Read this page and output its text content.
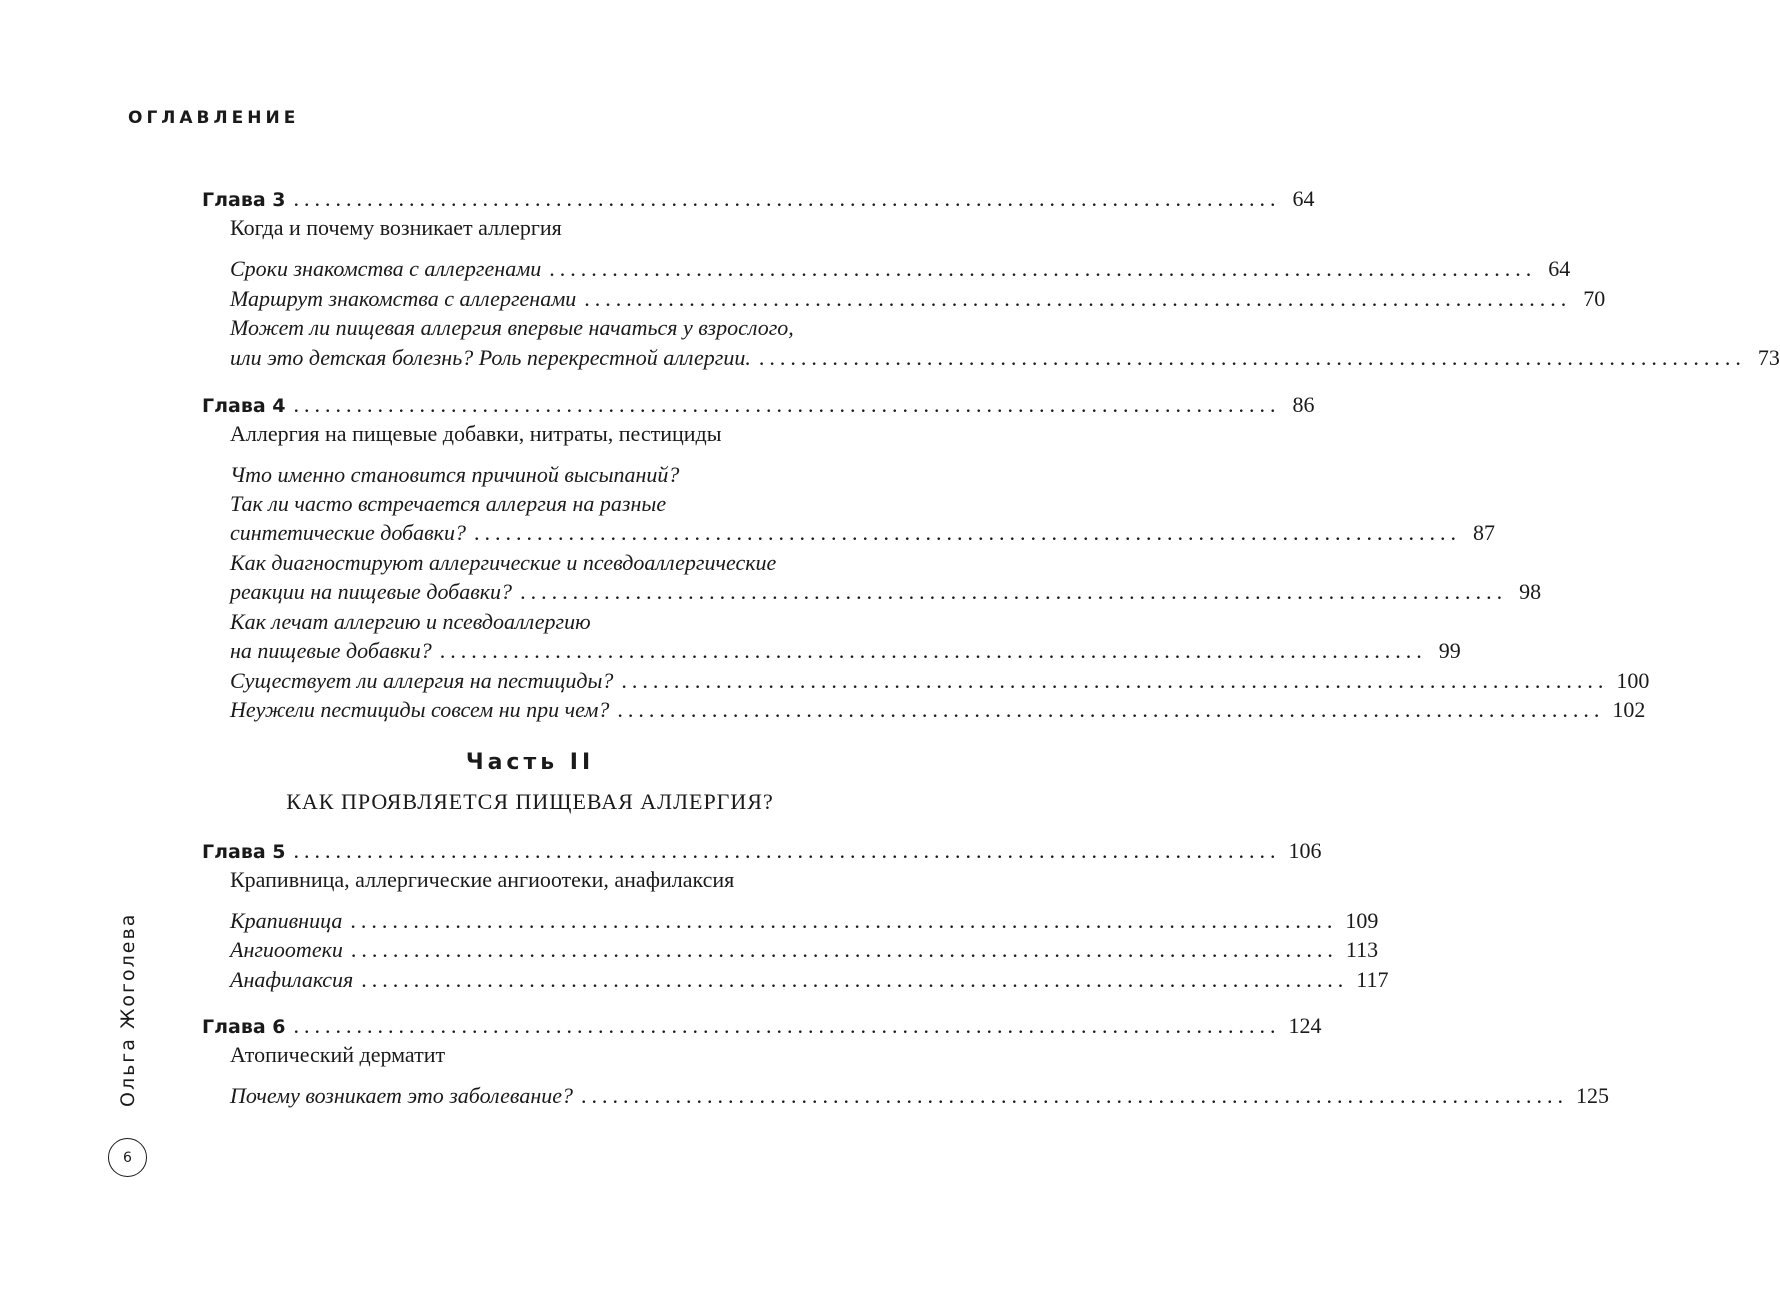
ОГЛАВЛЕНИЕ
Глава 3 .............................................................................................. 64
Когда и почему возникает аллергия
Сроки знакомства с аллергенами .............................................................................................. 64
Маршрут знакомства с аллергенами .............................................................................................. 70
Может ли пищевая аллергия впервые начаться у взрослого,
или это детская болезнь? Роль перекрестной аллергии. .............................................................................................. 73
Глава 4 .............................................................................................. 86
Аллергия на пищевые добавки, нитраты, пестициды
Что именно становится причиной высыпаний?
Так ли часто встречается аллергия на разные
синтетические добавки? .............................................................................................. 87
Как диагностируют аллергические и псевдоаллергические
реакции на пищевые добавки? .............................................................................................. 98
Как лечат аллергию и псевдоаллергию
на пищевые добавки? .............................................................................................. 99
Существует ли аллергия на пестициды? .............................................................................................. 100
Неужели пестициды совсем ни при чем? .............................................................................................. 102
Часть II
КАК ПРОЯВЛЯЕТСЯ ПИЩЕВАЯ АЛЛЕРГИЯ?
Глава 5 .............................................................................................. 106
Крапивница, аллергические ангиоотеки, анафилаксия
Крапивница .............................................................................................. 109
Ангиоотеки .............................................................................................. 113
Анафилаксия .............................................................................................. 117
Глава 6 .............................................................................................. 124
Атопический дерматит
Почему возникает это заболевание? .............................................................................................. 125
Ольга Жоголева
6
